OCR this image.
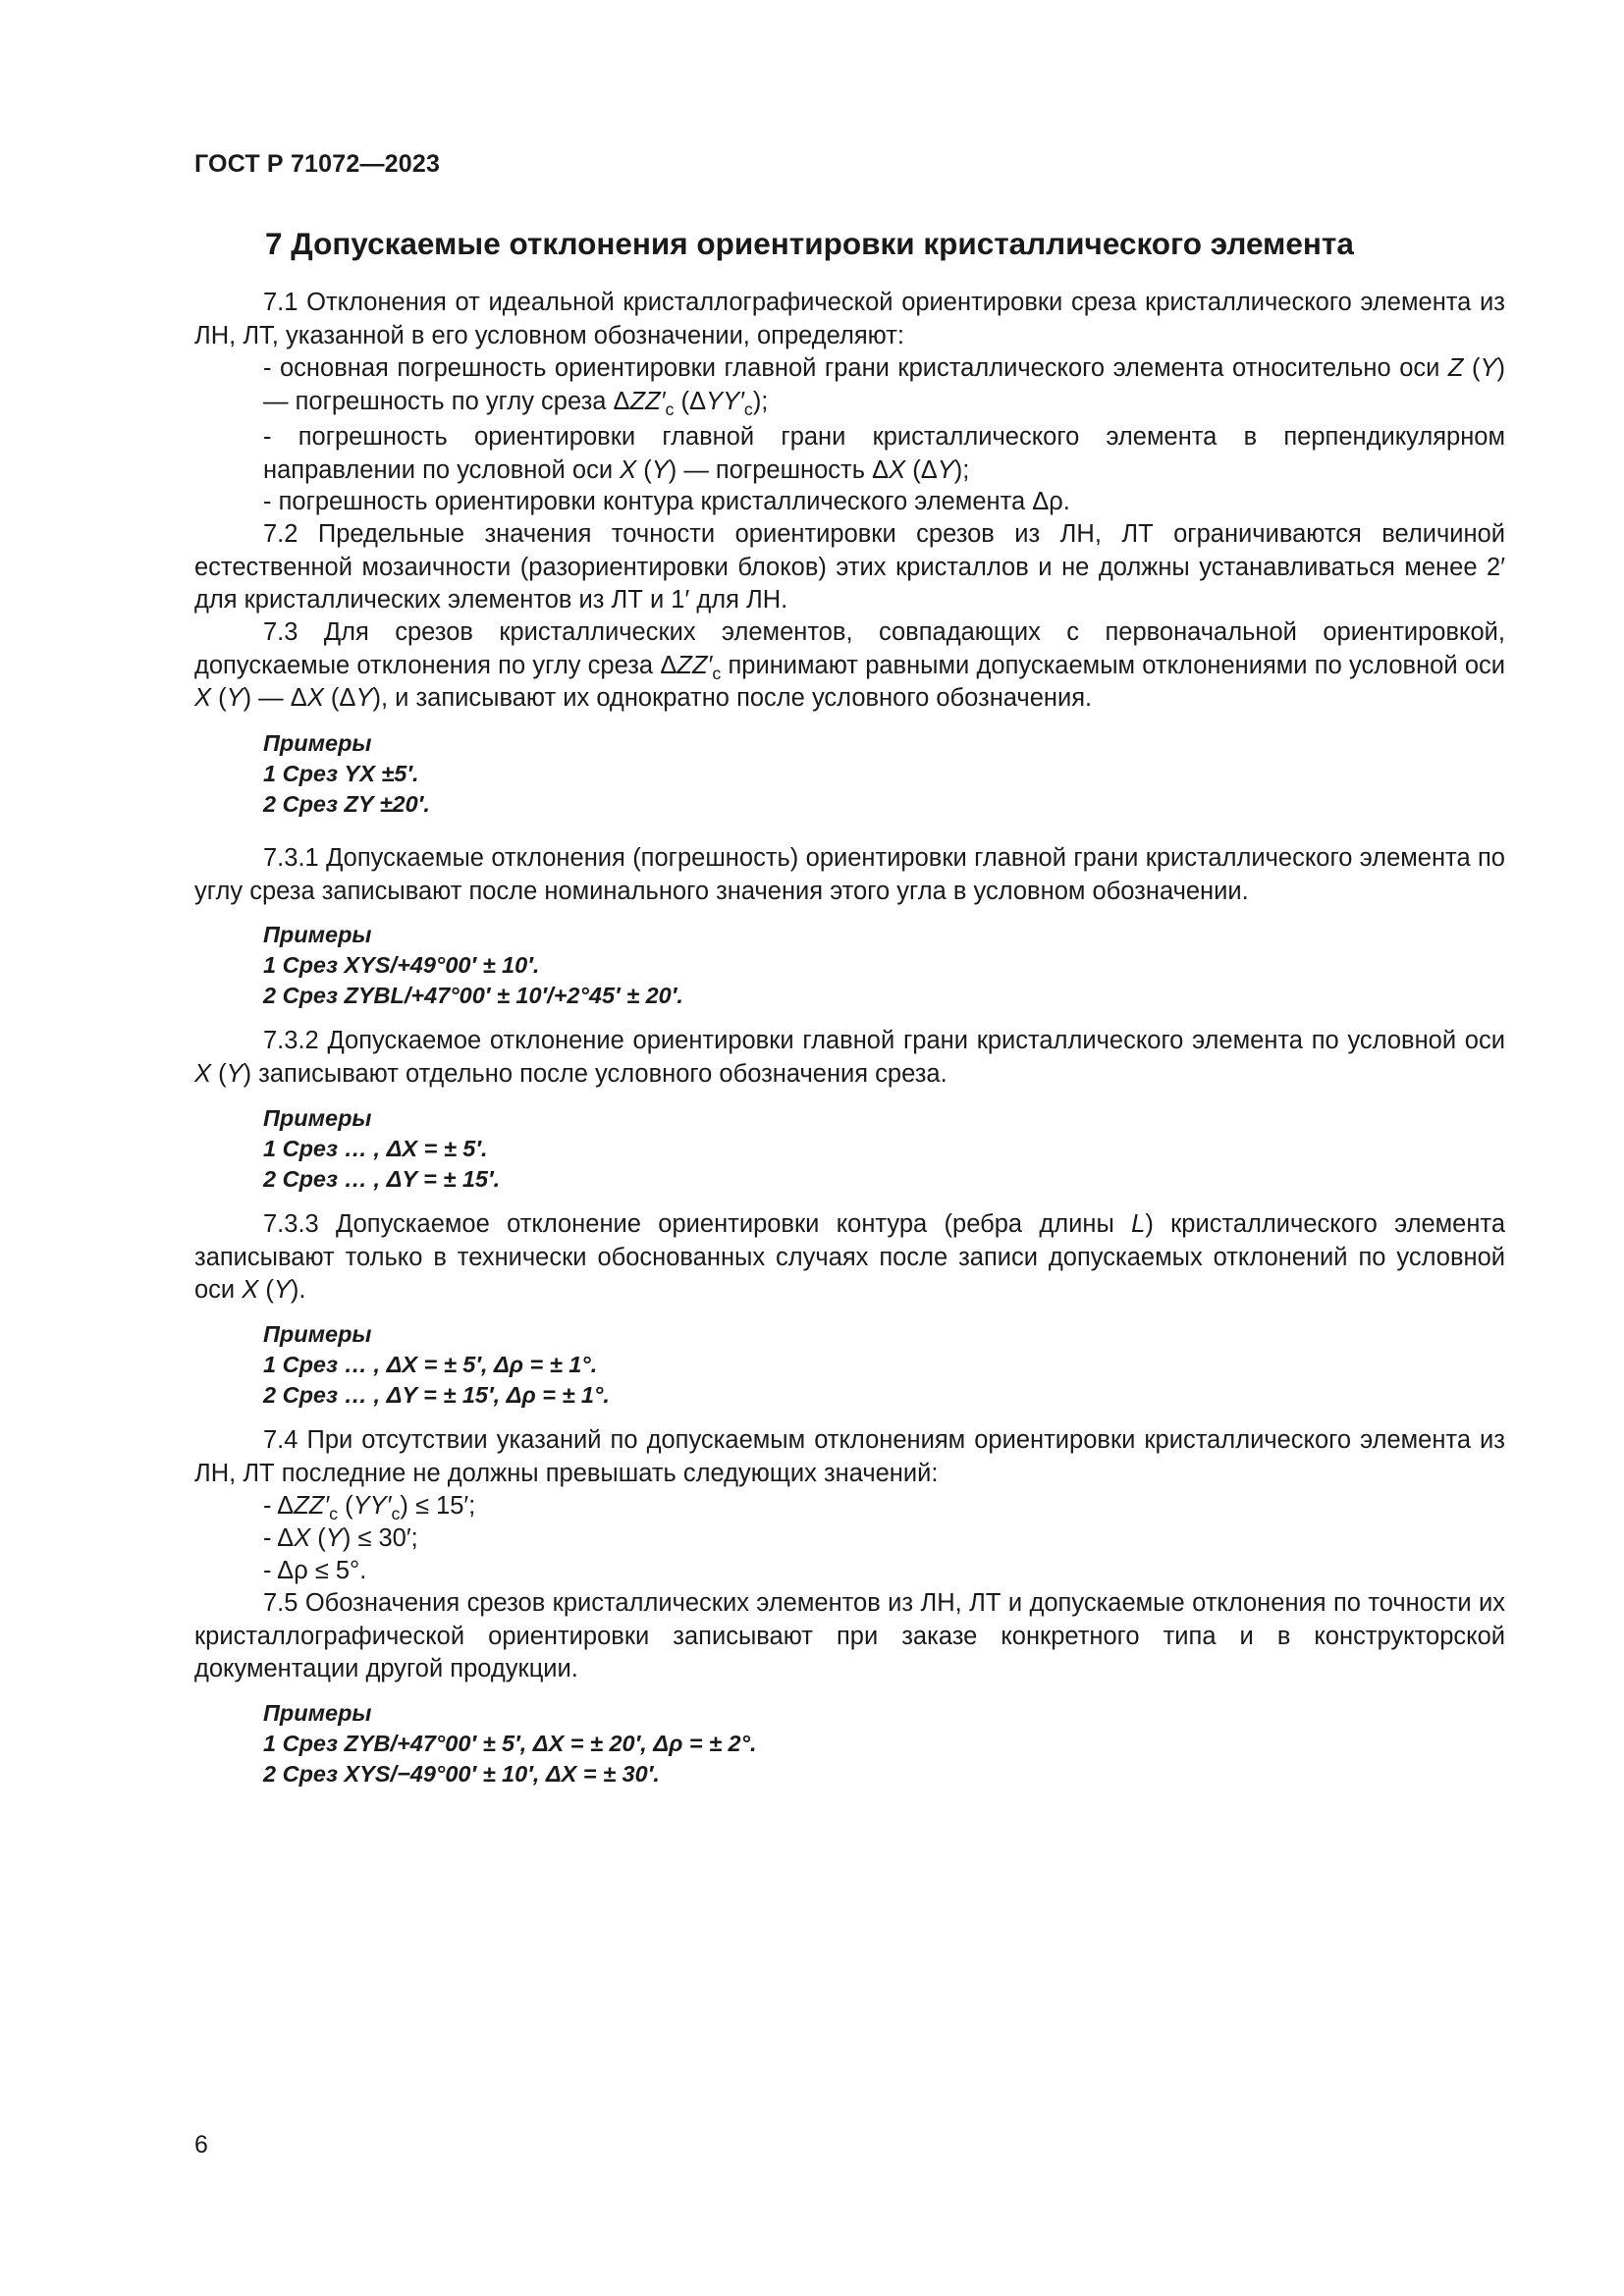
ГОСТ Р 71072—2023
7 Допускаемые отклонения ориентировки кристаллического элемента
7.1 Отклонения от идеальной кристаллографической ориентировки среза кристаллического элемента из ЛН, ЛТ, указанной в его условном обозначении, определяют:
- основная погрешность ориентировки главной грани кристаллического элемента относительно оси Z (Y) — погрешность по углу среза $\Delta ZZ'_c$ $(\Delta YY'_c)$;
- погрешность ориентировки главной грани кристаллического элемента в перпендикулярном направлении по условной оси X (Y) — погрешность ΔX (ΔY);
- погрешность ориентировки контура кристаллического элемента Δρ.
7.2 Предельные значения точности ориентировки срезов из ЛН, ЛТ ограничиваются величиной естественной мозаичности (разориентировки блоков) этих кристаллов и не должны устанавливаться менее 2′ для кристаллических элементов из ЛТ и 1′ для ЛН.
7.3 Для срезов кристаллических элементов, совпадающих с первоначальной ориентировкой, допускаемые отклонения по углу среза $\Delta ZZ'_c$ принимают равными допускаемым отклонениями по условной оси X (Y) — ΔX (ΔY), и записывают их однократно после условного обозначения.
Примеры
1 Срез YX ±5′.
2 Срез ZY ±20′.
7.3.1 Допускаемые отклонения (погрешность) ориентировки главной грани кристаллического элемента по углу среза записывают после номинального значения этого угла в условном обозначении.
Примеры
1 Срез XYS/+49°00′ ± 10′.
2 Срез ZYBL/+47°00′ ± 10′/+2°45′ ± 20′.
7.3.2 Допускаемое отклонение ориентировки главной грани кристаллического элемента по условной оси X (Y) записывают отдельно после условного обозначения среза.
Примеры
1 Срез … , ΔX = ± 5′.
2 Срез … , ΔY = ± 15′.
7.3.3 Допускаемое отклонение ориентировки контура (ребра длины L) кристаллического элемента записывают только в технически обоснованных случаях после записи допускаемых отклонений по условной оси X (Y).
Примеры
1 Срез … , ΔX = ± 5′, Δρ = ± 1°.
2 Срез … , ΔY = ± 15′, Δρ = ± 1°.
7.4 При отсутствии указаний по допускаемым отклонениям ориентировки кристаллического элемента из ЛН, ЛТ последние не должны превышать следующих значений:
- $\Delta ZZ'_c$ $(YY'_c) \le 15'$;
- ΔX (Y) ≤ 30′;
- Δρ ≤ 5°.
7.5 Обозначения срезов кристаллических элементов из ЛН, ЛТ и допускаемые отклонения по точности их кристаллографической ориентировки записывают при заказе конкретного типа и в конструкторской документации другой продукции.
Примеры
1 Срез ZYB/+47°00′ ± 5′, ΔX = ± 20′, Δρ = ± 2°.
2 Срез XYS/−49°00′ ± 10′, ΔX = ± 30′.
6
